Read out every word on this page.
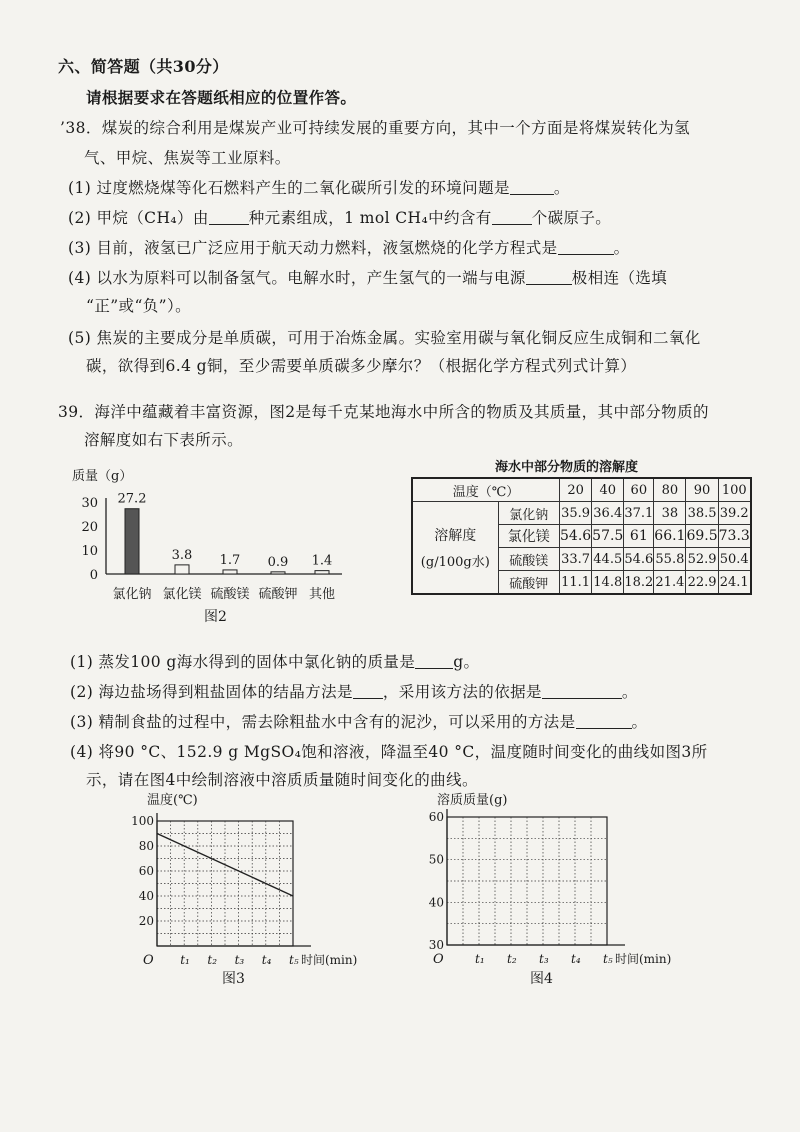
六、简答题（共30分）
请根据要求在答题纸相应的位置作答。
’38．煤炭的综合利用是煤炭产业可持续发展的重要方向，其中一个方面是将煤炭转化为氢
气、甲烷、焦炭等工业原料。
(1) 过度燃烧煤等化石燃料产生的二氧化碳所引发的环境问题是	。
(2) 甲烷（CH₄）由	种元素组成，1 mol CH₄中约含有	个碳原子。
(3) 目前，液氢已广泛应用于航天动力燃料，液氢燃烧的化学方程式是	。
(4) 以水为原料可以制备氢气。电解水时，产生氢气的一端与电源	极相连（选填
“正”或“负”）。
(5) 焦炭的主要成分是单质碳，可用于冶炼金属。实验室用碳与氧化铜反应生成铜和二氧化
碳，欲得到6.4 g铜，至少需要单质碳多少摩尔？（根据化学方程式列式计算）
39．海洋中蕴藏着丰富资源，图2是每千克某地海水中所含的物质及其质量，其中部分物质的
溶解度如右下表所示。
质量（g）
0
10
20
30 27.2
氯化钠
3.8
氯化镁
1.7
硫酸镁
0.9
硫酸钾
1.4
其他
图2
海水中部分物质的溶解度
温度（℃）		20	40	60	80	90	100

溶解度
(g/100g水)	氯化钠	35.9	36.4	37.1	38	38.5	39.2
	氯化镁	54.6	57.5	61	66.1	69.5	73.3
	硫酸镁	33.7	44.5	54.6	55.8	52.9	50.4
	硫酸钾	11.1	14.8	18.2	21.4	22.9	24.1
(1) 蒸发100 g海水得到的固体中氯化钠的质量是 g。
(2) 海边盐场得到粗盐固体的结晶方法是 ，采用该方法的依据是	。
(3) 精制食盐的过程中，需去除粗盐水中含有的泥沙，可以采用的方法是	。
(4) 将90 °C、152.9 g MgSO₄饱和溶液，降温至40 °C，温度随时间变化的曲线如图3所
示，请在图4中绘制溶液中溶质质量随时间变化的曲线。
温度(℃)
20
40
60
80
100
O t₁ t₂ t₃ t₄ t₅ 时间(min)
图3
溶质质量(g)
30
40
50
60
O	t₁ t₂ t₃ t₄ t₅ 时间(min)
图4
